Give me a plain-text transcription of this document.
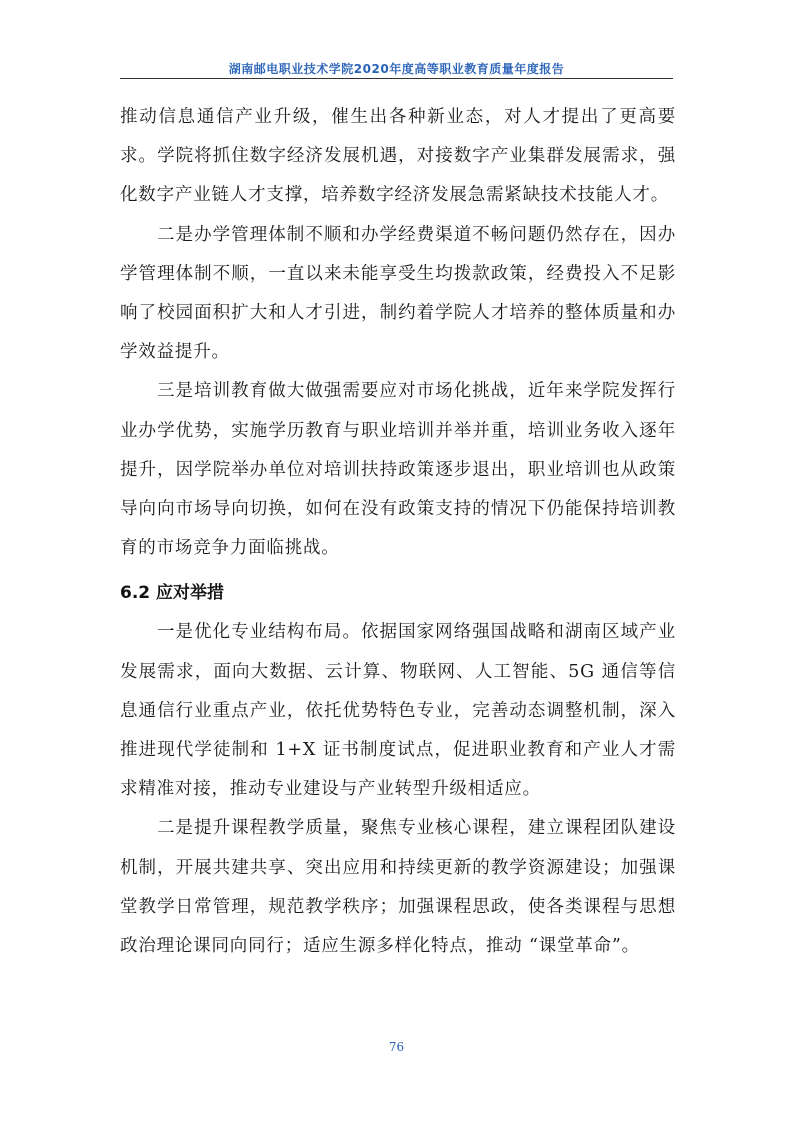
湖南邮电职业技术学院2020年度高等职业教育质量年度报告

推动信息通信产业升级，催生出各种新业态，对人才提出了更高要求。学院将抓住数字经济发展机遇，对接数字产业集群发展需求，强化数字产业链人才支撑，培养数字经济发展急需紧缺技术技能人才。

二是办学管理体制不顺和办学经费渠道不畅问题仍然存在，因办学管理体制不顺，一直以来未能享受生均拨款政策，经费投入不足影响了校园面积扩大和人才引进，制约着学院人才培养的整体质量和办学效益提升。

三是培训教育做大做强需要应对市场化挑战，近年来学院发挥行业办学优势，实施学历教育与职业培训并举并重，培训业务收入逐年提升，因学院举办单位对培训扶持政策逐步退出，职业培训也从政策导向向市场导向切换，如何在没有政策支持的情况下仍能保持培训教育的市场竞争力面临挑战。

6.2 应对举措

一是优化专业结构布局。依据国家网络强国战略和湖南区域产业发展需求，面向大数据、云计算、物联网、人工智能、5G 通信等信息通信行业重点产业，依托优势特色专业，完善动态调整机制，深入推进现代学徒制和 1+X 证书制度试点，促进职业教育和产业人才需求精准对接，推动专业建设与产业转型升级相适应。

二是提升课程教学质量，聚焦专业核心课程，建立课程团队建设机制，开展共建共享、突出应用和持续更新的教学资源建设；加强课堂教学日常管理，规范教学秩序；加强课程思政，使各类课程与思想政治理论课同向同行；适应生源多样化特点，推动 “课堂革命”。

76
